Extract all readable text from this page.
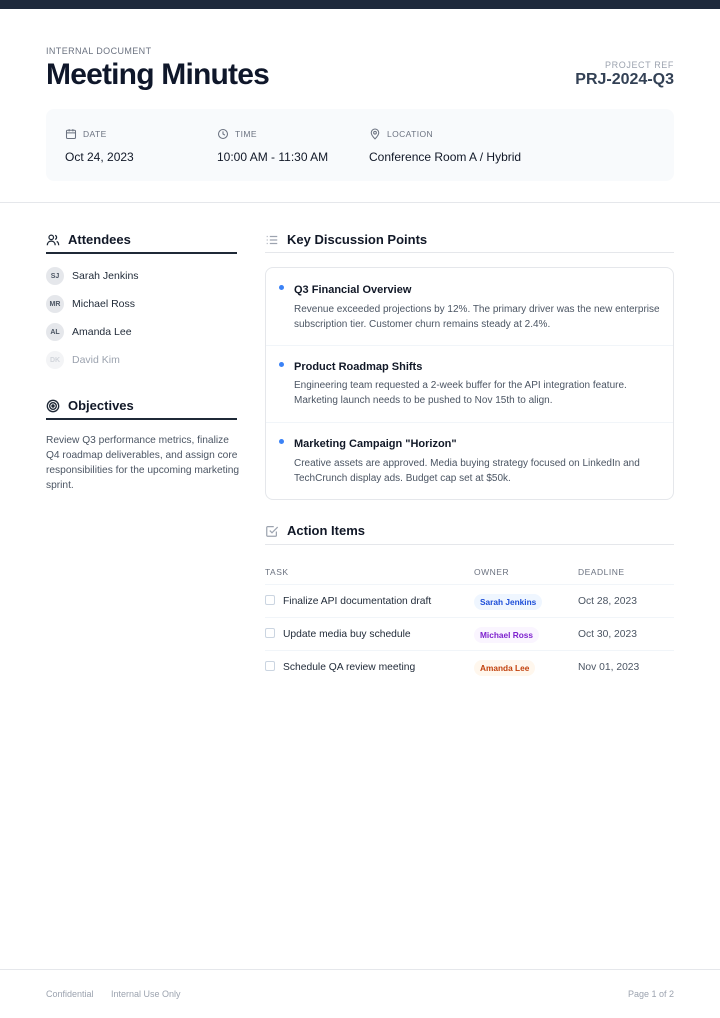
INTERNAL DOCUMENT
Meeting Minutes	PROJECT REF
PRJ-2024-Q3
DATE
Oct 24, 2023
TIME
10:00 AM - 11:30 AM
LOCATION
Conference Room A / Hybrid
Attendees
SJ	Sarah Jenkins
MR	Michael Ross
AL	Amanda Lee
DK	David Kim
Objectives
Review Q3 performance metrics, finalize Q4 roadmap deliverables, and assign core responsibilities for the upcoming marketing sprint.
Key Discussion Points
Q3 Financial Overview
Revenue exceeded projections by 12%. The primary driver was the new enterprise subscription tier. Customer churn remains steady at 2.4%.
Product Roadmap Shifts
Engineering team requested a 2-week buffer for the API integration feature. Marketing launch needs to be pushed to Nov 15th to align.
Marketing Campaign "Horizon"
Creative assets are approved. Media buying strategy focused on LinkedIn and TechCrunch display ads. Budget cap set at $50k.
Action Items
TASK	OWNER	DEADLINE
Finalize API documentation draft	Sarah Jenkins	Oct 28, 2023
Update media buy schedule	Michael Ross	Oct 30, 2023
Schedule QA review meeting	Amanda Lee	Nov 01, 2023
Confidential Internal Use Only	Page 1 of 2
